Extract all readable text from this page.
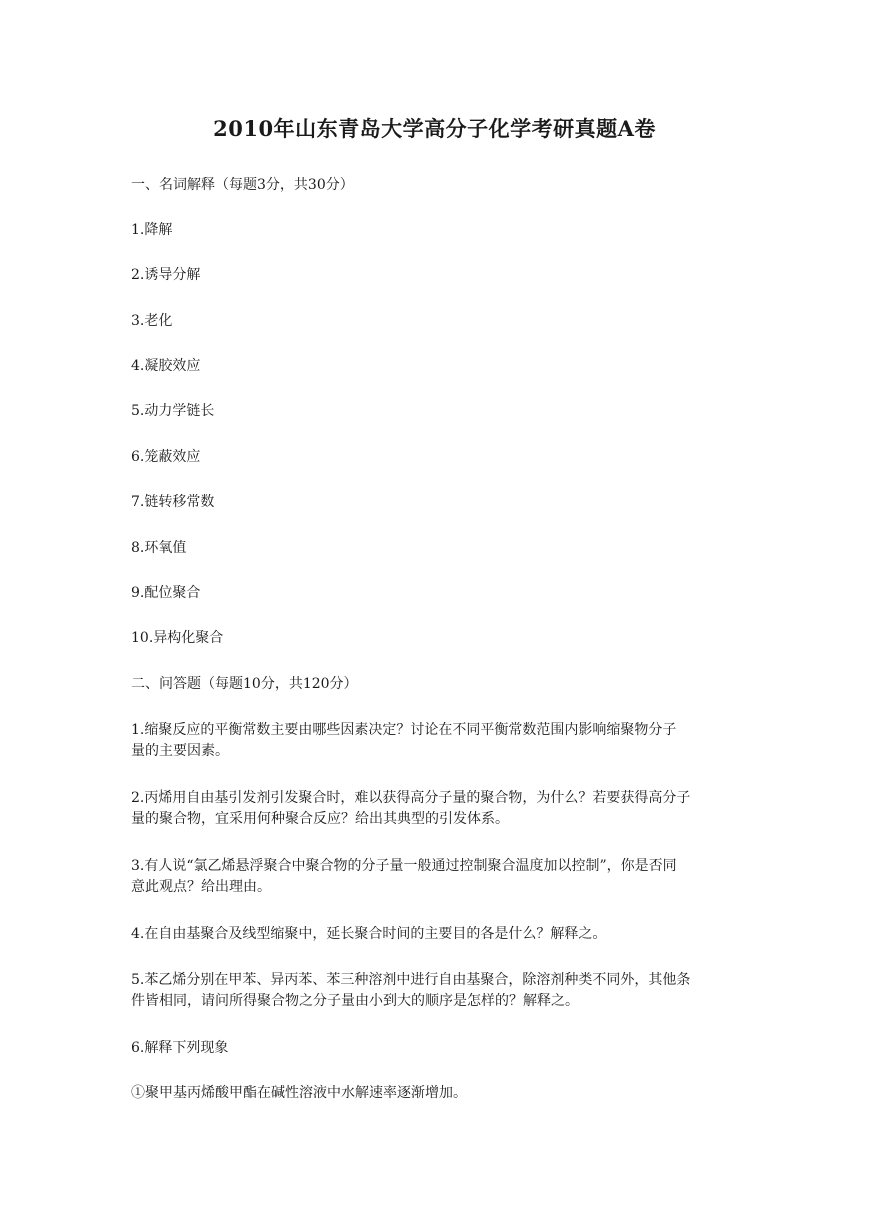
2010年山东青岛大学高分子化学考研真题A卷

一、名词解释（每题3分，共30分）

1.降解

2.诱导分解

3.老化

4.凝胶效应

5.动力学链长

6.笼蔽效应

7.链转移常数

8.环氧值

9.配位聚合

10.异构化聚合

二、问答题（每题10分，共120分）

1.缩聚反应的平衡常数主要由哪些因素决定？讨论在不同平衡常数范围内影响缩聚物分子
量的主要因素。
2.丙烯用自由基引发剂引发聚合时，难以获得高分子量的聚合物，为什么？若要获得高分子
量的聚合物，宜采用何种聚合反应？给出其典型的引发体系。
3.有人说“氯乙烯悬浮聚合中聚合物的分子量一般通过控制聚合温度加以控制”，你是否同
意此观点？给出理由。

4.在自由基聚合及线型缩聚中，延长聚合时间的主要目的各是什么？解释之。

5.苯乙烯分别在甲苯、异丙苯、苯三种溶剂中进行自由基聚合，除溶剂种类不同外，其他条
件皆相同，请问所得聚合物之分子量由小到大的顺序是怎样的？解释之。

6.解释下列现象

①聚甲基丙烯酸甲酯在碱性溶液中水解速率逐渐增加。
